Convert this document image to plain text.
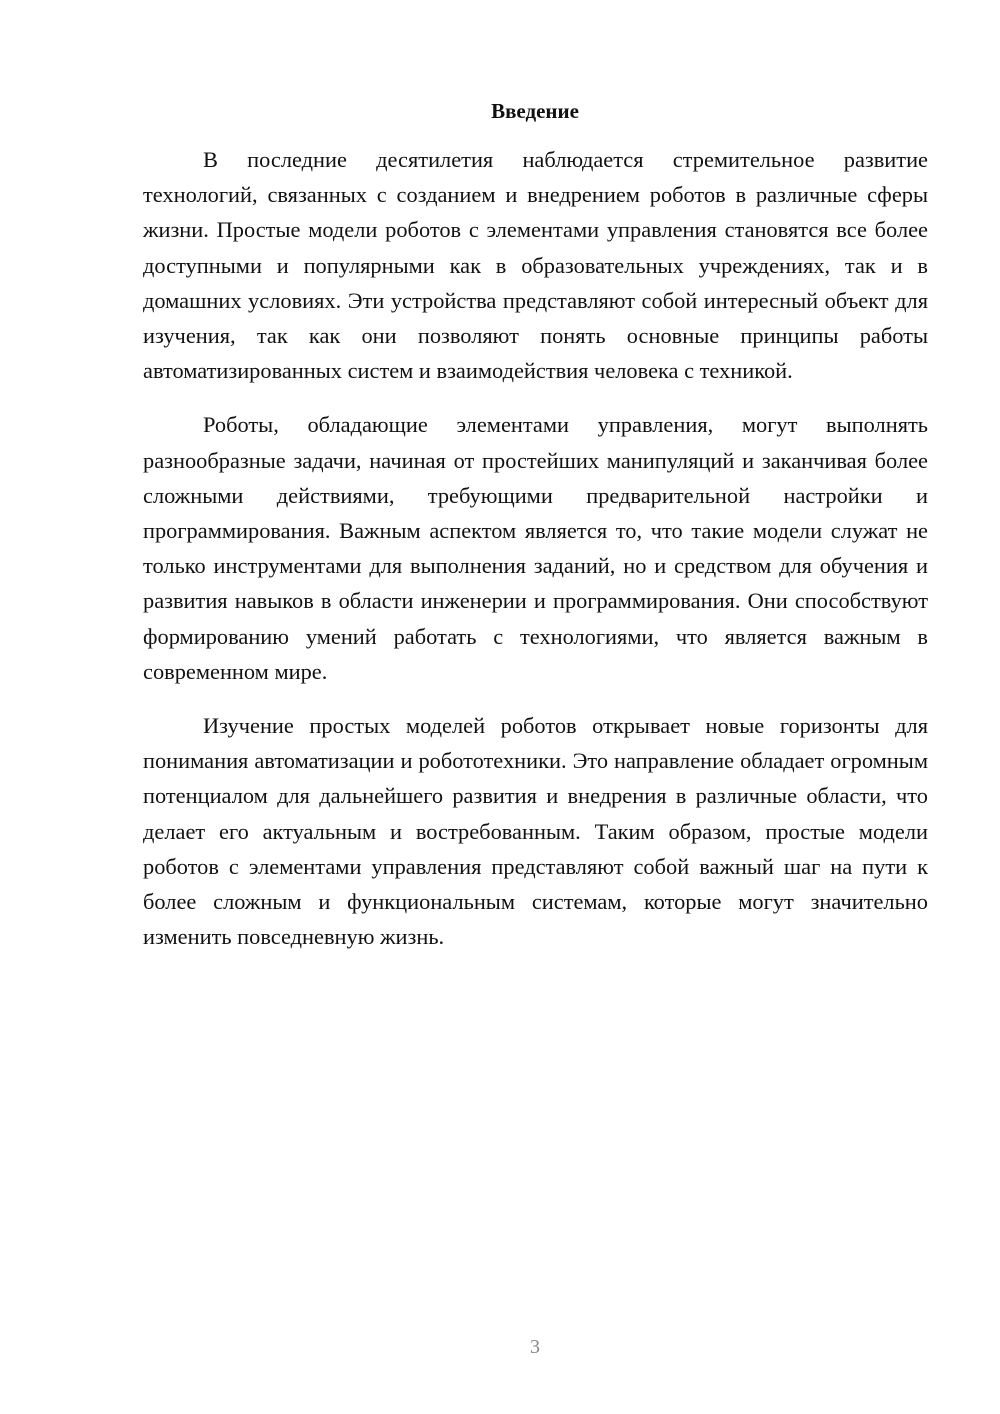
Введение

В последние десятилетия наблюдается стремительное развитие технологий, связанных с созданием и внедрением роботов в различные сферы жизни. Простые модели роботов с элементами управления становятся все более доступными и популярными как в образовательных учреждениях, так и в домашних условиях. Эти устройства представляют собой интересный объект для изучения, так как они позволяют понять основные принципы работы автоматизированных систем и взаимодействия человека с техникой.

Роботы, обладающие элементами управления, могут выполнять разнообразные задачи, начиная от простейших манипуляций и заканчивая более сложными действиями, требующими предварительной настройки и программирования. Важным аспектом является то, что такие модели служат не только инструментами для выполнения заданий, но и средством для обучения и развития навыков в области инженерии и программирования. Они способствуют формированию умений работать с технологиями, что является важным в современном мире.

Изучение простых моделей роботов открывает новые горизонты для понимания автоматизации и робототехники. Это направление обладает огромным потенциалом для дальнейшего развития и внедрения в различные области, что делает его актуальным и востребованным. Таким образом, простые модели роботов с элементами управления представляют собой важный шаг на пути к более сложным и функциональным системам, которые могут значительно изменить повседневную жизнь.

3
